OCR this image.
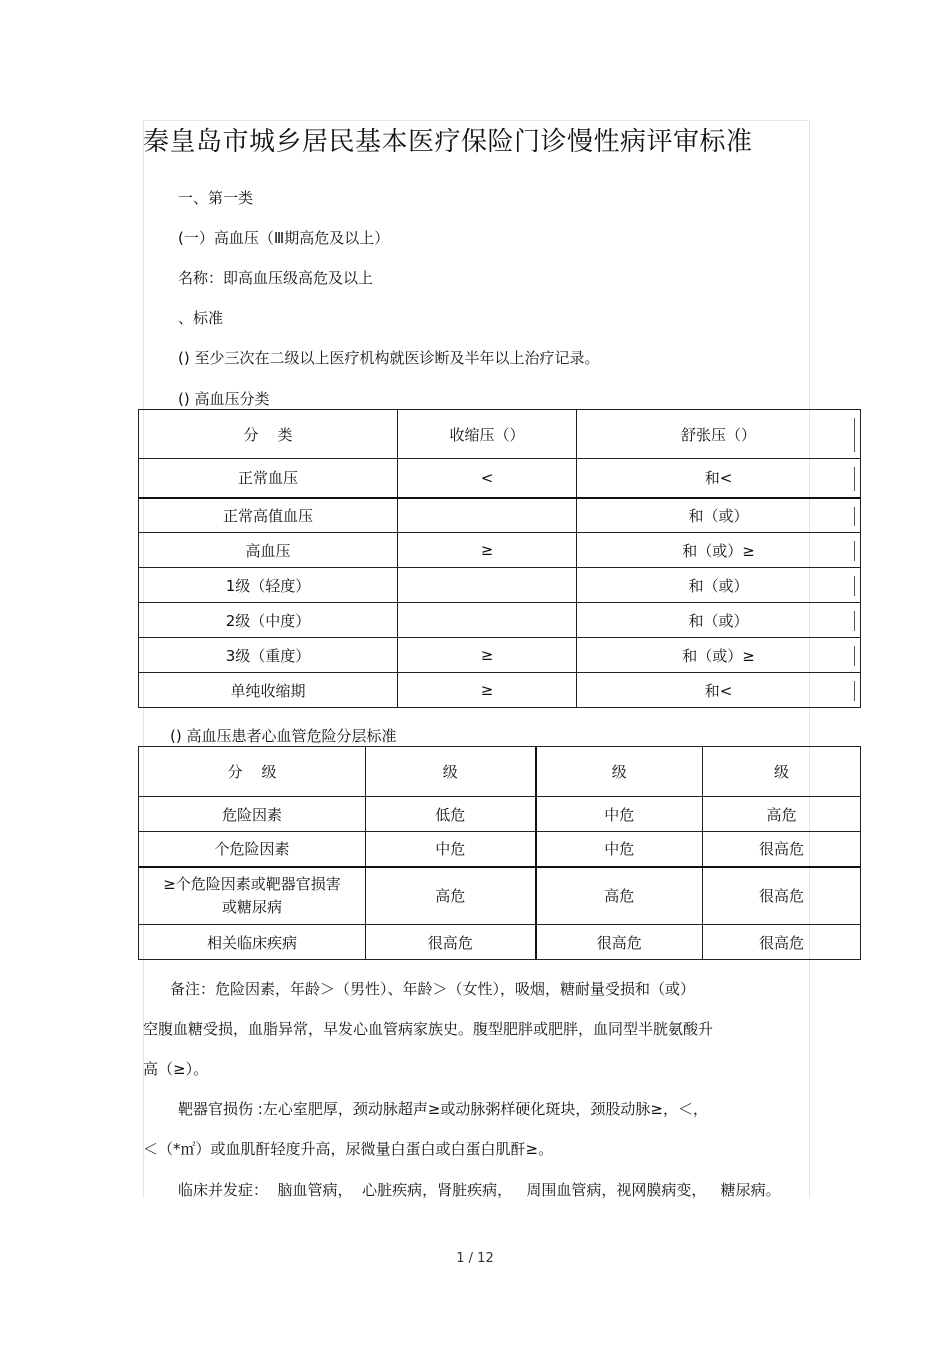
秦皇岛市城乡居民基本医疗保险门诊慢性病评审标准
一、第一类
(一）高血压（Ⅲ期高危及以上）
名称：即高血压级高危及以上
、标准
() 至少三次在二级以上医疗机构就医诊断及半年以上治疗记录。
() 高血压分类
分    类	收缩压（）	舒张压（）
正常血压	<	和<
正常高值血压		和（或）
高血压	≥	和（或）≥
1级（轻度）		和（或）
2级（中度）		和（或）
3级（重度）	≥	和（或）≥
单纯收缩期	≥	和<
() 高血压患者心血管危险分层标准
分    级	级	级	级
危险因素	低危	中危	高危
个危险因素	中危	中危	很高危

≥个危险因素或靶器官损害
或糖尿病	高危	高危	很高危
相关临床疾病	很高危	很高危	很高危
备注：危险因素，年龄＞（男性）、年龄＞（女性），吸烟，糖耐量受损和（或）
空腹血糖受损，血脂异常，早发心血管病家族史。腹型肥胖或肥胖，血同型半胱氨酸升
高（≥）。
靶器官损伤 :左心室肥厚，颈动脉超声≥或动脉粥样硬化斑块，颈股动脉≥，＜，
＜（*㎡）或血肌酐轻度升高，尿微量白蛋白或白蛋白肌酐≥。
临床并发症：  脑血管病，  心脏疾病，肾脏疾病，   周围血管病，视网膜病变，   糖尿病。
1 / 12
